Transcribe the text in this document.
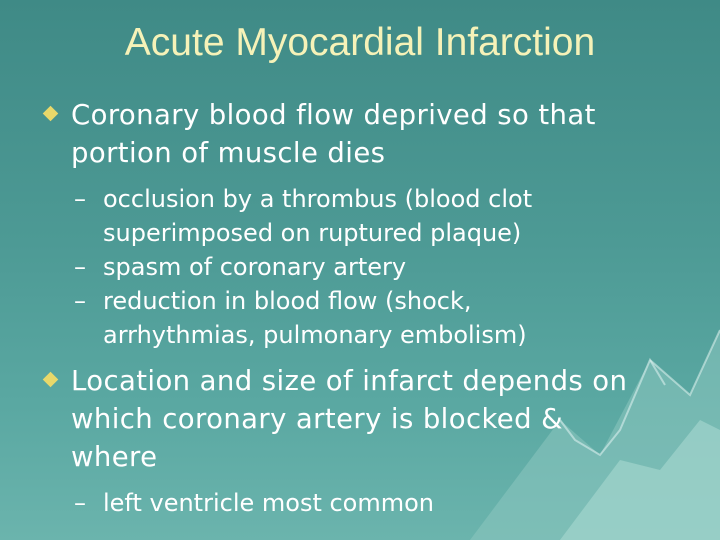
Acute Myocardial Infarction
Coronary blood flow deprived so that
portion of muscle dies
– occlusion by a thrombus (blood clot
superimposed on ruptured plaque)
– spasm of coronary artery
– reduction in blood flow (shock,
arrhythmias, pulmonary embolism)
Location and size of infarct depends on
which coronary artery is blocked &
where
– left ventricle most common
